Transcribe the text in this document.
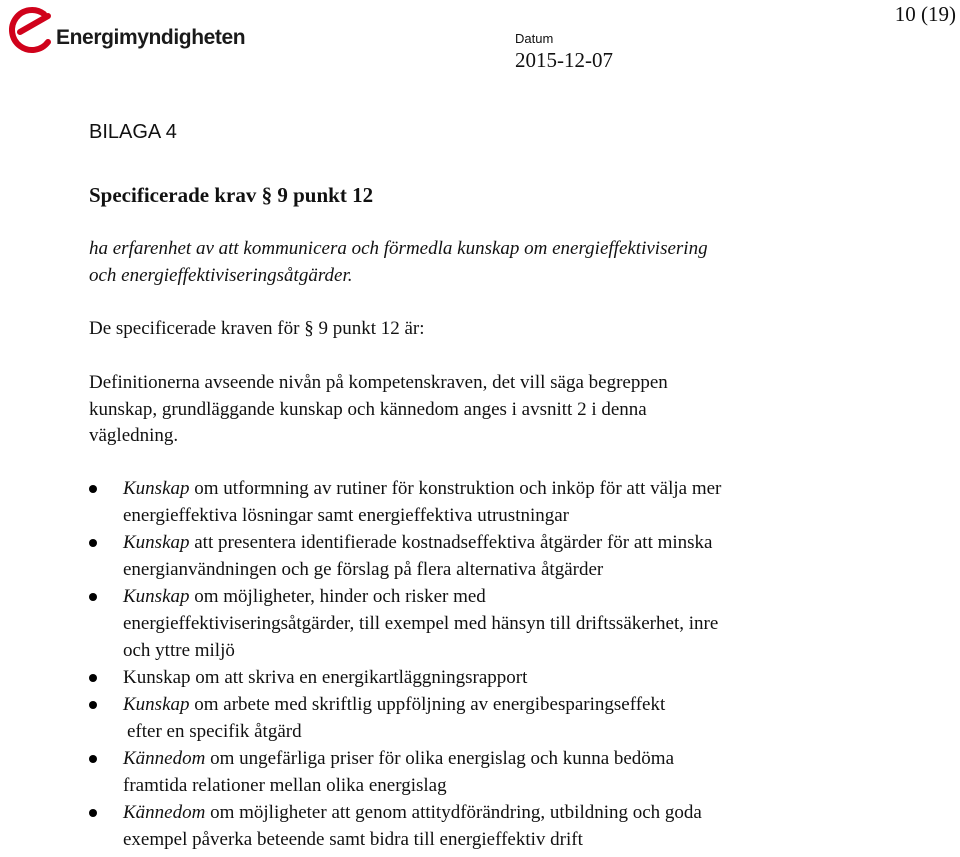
Energimyndigheten
10 (19)
Datum
2015-12-07
BILAGA 4
Specificerade krav § 9 punkt 12
ha erfarenhet av att kommunicera och förmedla kunskap om energieffektivisering
och energieffektiviseringsåtgärder.
De specificerade kraven för § 9 punkt 12 är:
Definitionerna avseende nivån på kompetenskraven, det vill säga begreppen
kunskap, grundläggande kunskap och kännedom anges i avsnitt 2 i denna
vägledning.
Kunskap om utformning av rutiner för konstruktion och inköp för att välja mer
energieffektiva lösningar samt energieffektiva utrustningar
Kunskap att presentera identifierade kostnadseffektiva åtgärder för att minska
energianvändningen och ge förslag på flera alternativa åtgärder
Kunskap om möjligheter, hinder och risker med
energieffektiviseringsåtgärder, till exempel med hänsyn till driftssäkerhet, inre
och yttre miljö
Kunskap om att skriva en energikartläggningsrapport
Kunskap om arbete med skriftlig uppföljning av energibesparingseffekt
efter en specifik åtgärd
Kännedom om ungefärliga priser för olika energislag och kunna bedöma
framtida relationer mellan olika energislag
Kännedom om möjligheter att genom attitydförändring, utbildning och goda
exempel påverka beteende samt bidra till energieffektiv drift
